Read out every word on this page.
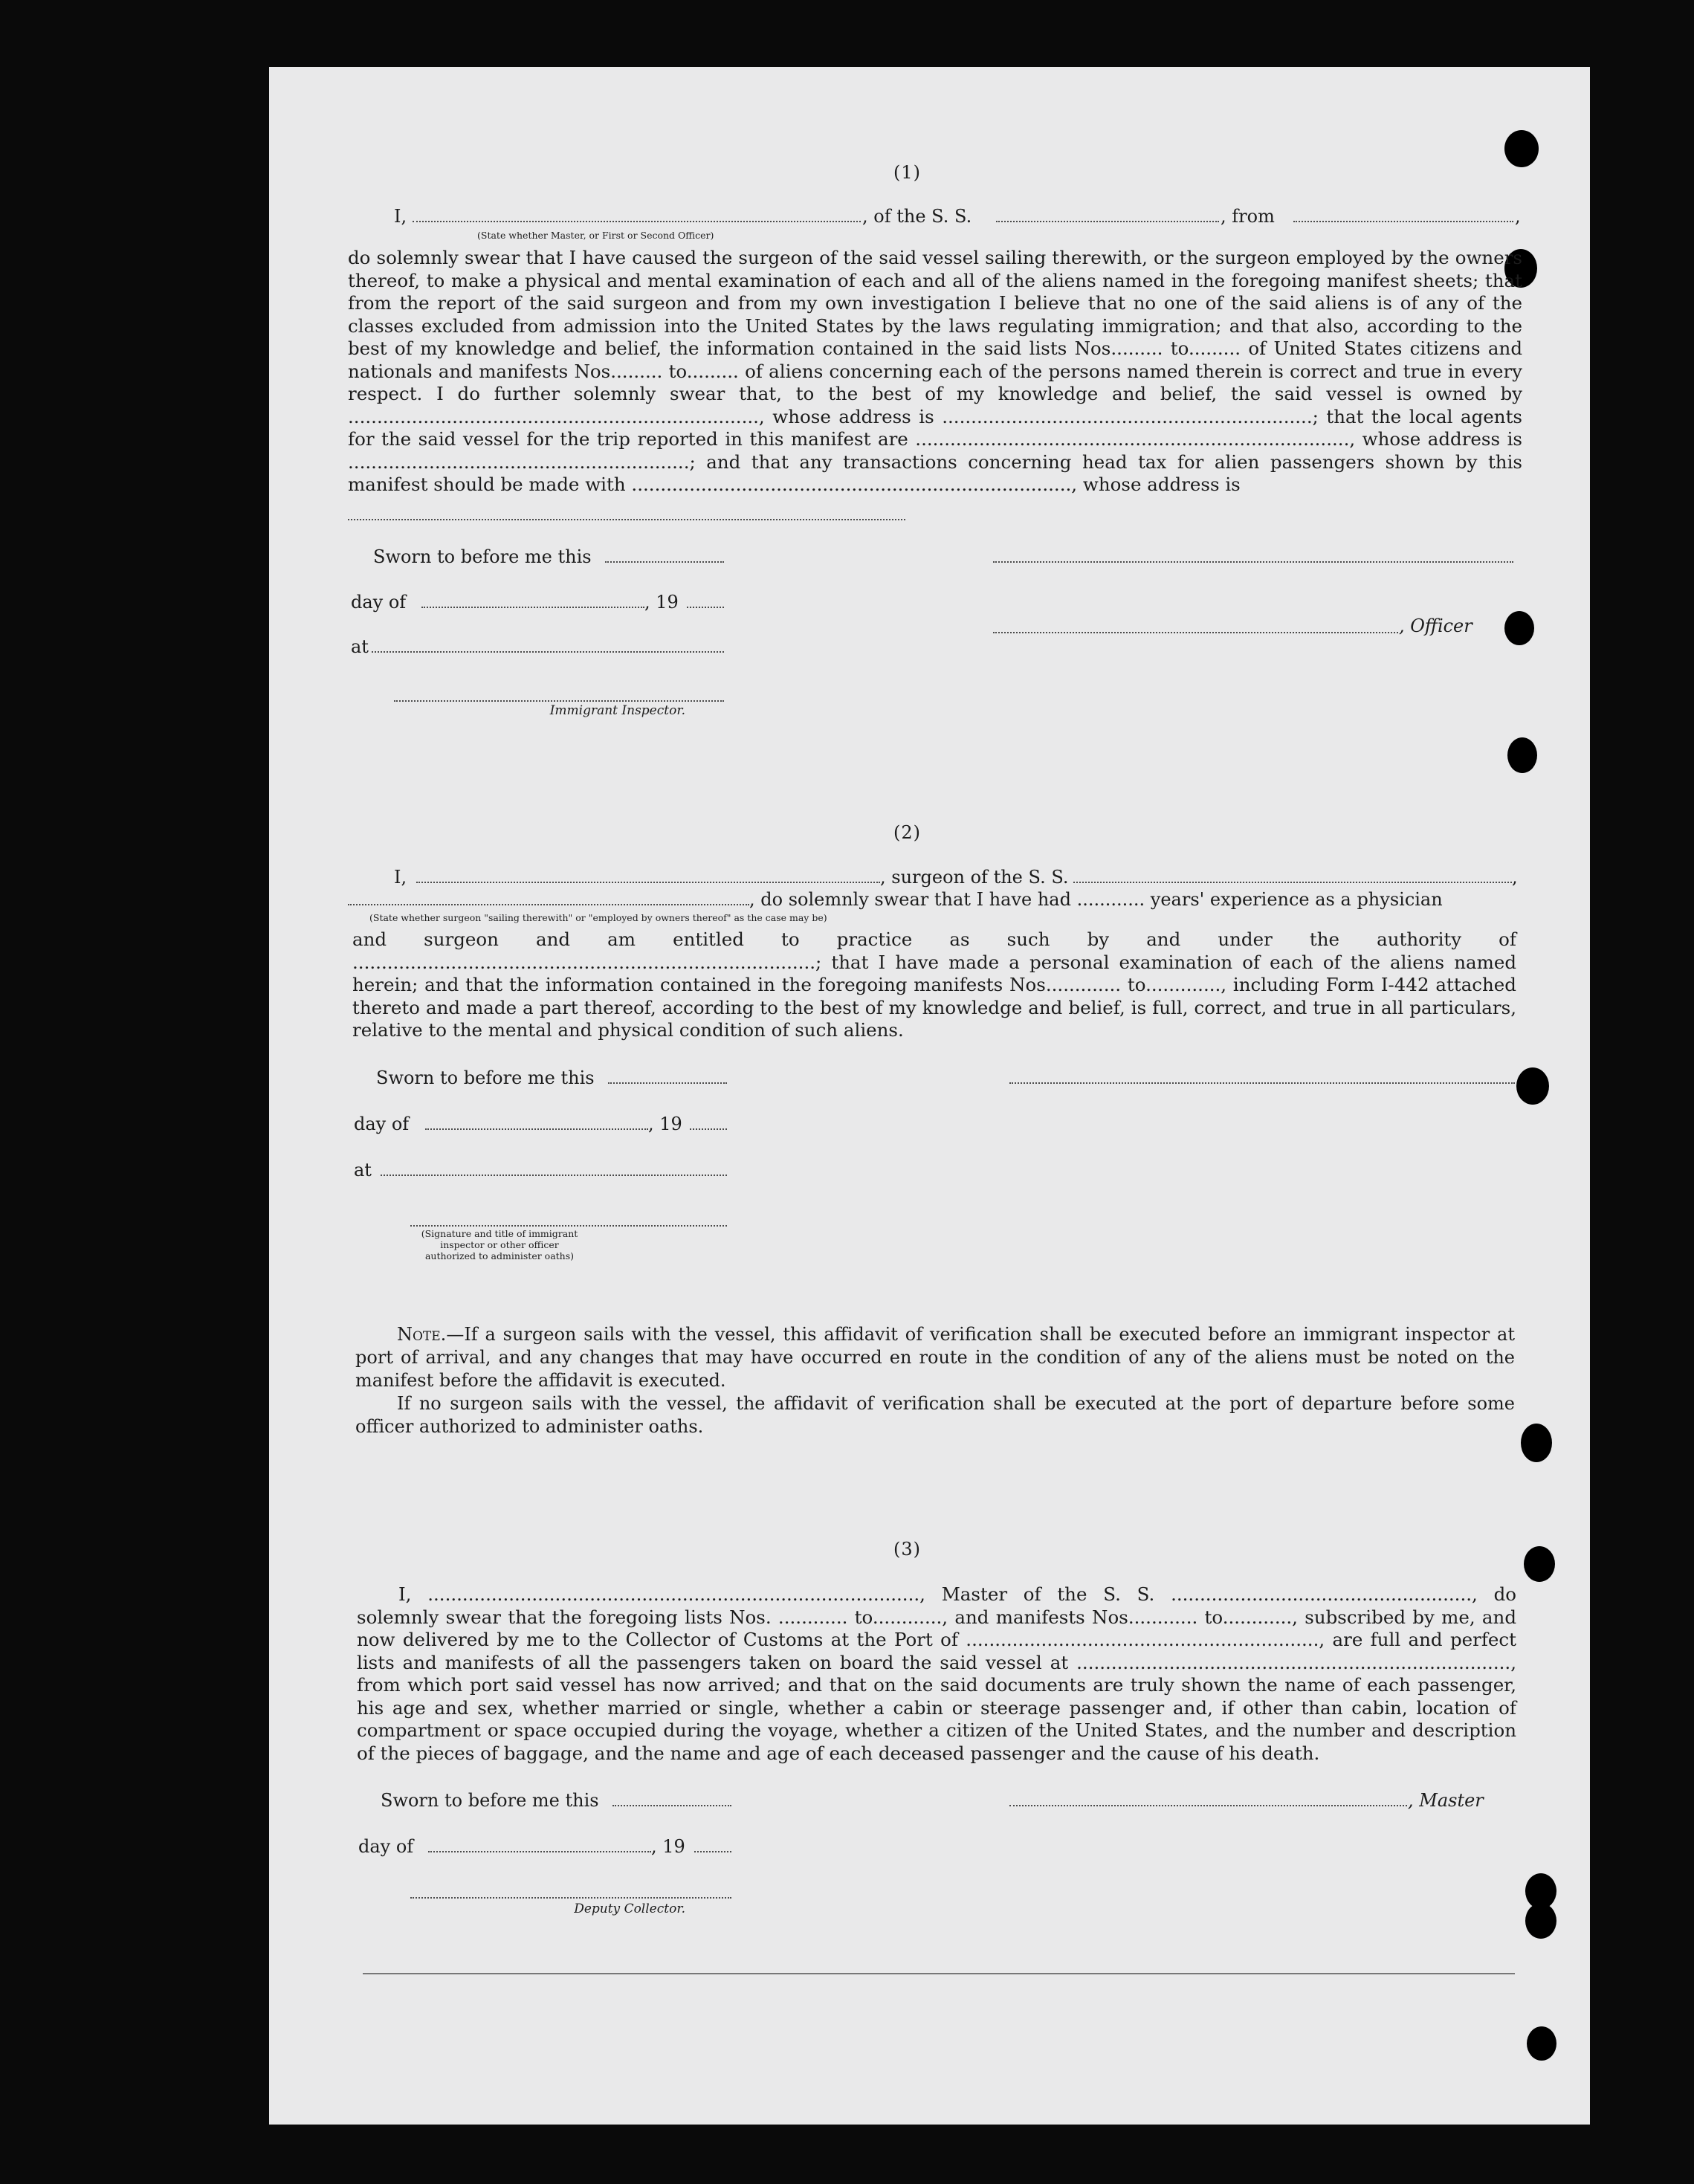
(1)
I,	, of the S. S.	, from	,
(State whether Master, or First or Second Officer)

do solemnly swear that I have caused the surgeon of the said vessel sailing therewith, or the surgeon employed by the owners thereof, to make a physical and mental examination of each and all of the aliens named in the foregoing manifest sheets; that from the report of the said surgeon and from my own investigation I believe that no one of the said aliens is of any of the classes excluded from admission into the United States by the laws regulating immigration; and that also, according to the best of my knowledge and belief, the information contained in the said lists Nos......... to......... of United States citizens and nationals and manifests Nos......... to......... of aliens concerning each of the persons named therein is correct and true in every respect. I do further solemnly swear that, to the best of my knowledge and belief, the said vessel is owned by ......................................................................., whose address is ................................................................; that the local agents for the said vessel for the trip reported in this manifest are ..........................................................................., whose address is ...........................................................; and that any transactions concerning head tax for alien passengers shown by this manifest should be made with ............................................................................, whose address is

Sworn to before me this
day of	, 19
, Officer
at
Immigrant Inspector.
(2)
I,	, surgeon of the S. S.	,
, do solemnly swear that I have had ............ years' experience as a physician
(State whether surgeon "sailing therewith" or "employed by owners thereof" as the case may be)

and surgeon and am entitled to practice as such by and under the authority of ................................................................................; that I have made a personal examination of each of the aliens named herein; and that the information contained in the foregoing manifests Nos............. to............., including Form I-442 attached thereto and made a part thereof, according to the best of my knowledge and belief, is full, correct, and true in all particulars, relative to the mental and physical condition of such aliens.

Sworn to before me this
day of	, 19
at
(Signature and title of immigrant inspector or other officer authorized to administer oaths)

Note.—If a surgeon sails with the vessel, this affidavit of verification shall be executed before an immigrant inspector at port of arrival, and any changes that may have occurred en route in the condition of any of the aliens must be noted on the manifest before the affidavit is executed.

If no surgeon sails with the vessel, the affidavit of verification shall be executed at the port of departure before some officer authorized to administer oaths.

(3)

I, ....................................................................................., Master of the S. S. ...................................................., do solemnly swear that the foregoing lists Nos. ............ to............, and manifests Nos............ to............, subscribed by me, and now delivered by me to the Collector of Customs at the Port of ............................................................., are full and perfect lists and manifests of all the passengers taken on board the said vessel at ..........................................................................., from which port said vessel has now arrived; and that on the said documents are truly shown the name of each passenger, his age and sex, whether married or single, whether a cabin or steerage passenger and, if other than cabin, location of compartment or space occupied during the voyage, whether a citizen of the United States, and the number and description of the pieces of baggage, and the name and age of each deceased passenger and the cause of his death.

Sworn to before me this	, Master
day of	, 19
Deputy Collector.
